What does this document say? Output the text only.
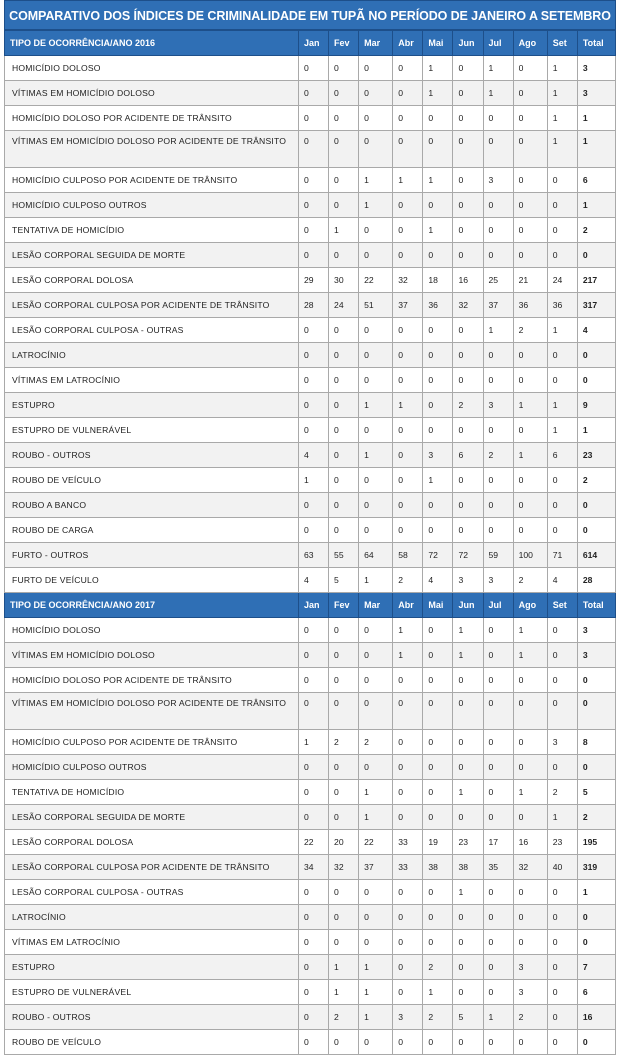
COMPARATIVO DOS ÍNDICES DE CRIMINALIDADE EM TUPÃ NO PERÍODO DE JANEIRO A SETEMBRO
TIPO DE OCORRÊNCIA/ANO 2016	Jan	Fev	Mar	Abr	Mai	Jun	Jul	Ago	Set	Total
HOMICÍDIO DOLOSO	0	0	0	0	1	0	1	0	1	3
VÍTIMAS EM HOMICÍDIO DOLOSO	0	0	0	0	1	0	1	0	1	3
HOMICÍDIO DOLOSO POR ACIDENTE DE TRÂNSITO	0	0	0	0	0	0	0	0	1	1
VÍTIMAS EM HOMICÍDIO DOLOSO POR ACIDENTE DE TRÂNSITO	0	0	0	0	0	0	0	0	1	1
HOMICÍDIO CULPOSO POR ACIDENTE DE TRÂNSITO	0	0	1	1	1	0	3	0	0	6
HOMICÍDIO CULPOSO OUTROS	0	0	1	0	0	0	0	0	0	1
TENTATIVA DE HOMICÍDIO	0	1	0	0	1	0	0	0	0	2
LESÃO CORPORAL SEGUIDA DE MORTE	0	0	0	0	0	0	0	0	0	0
LESÃO CORPORAL DOLOSA	29	30	22	32	18	16	25	21	24	217
LESÃO CORPORAL CULPOSA POR ACIDENTE DE TRÂNSITO	28	24	51	37	36	32	37	36	36	317
LESÃO CORPORAL CULPOSA - OUTRAS	0	0	0	0	0	0	1	2	1	4
LATROCÍNIO	0	0	0	0	0	0	0	0	0	0
VÍTIMAS EM LATROCÍNIO	0	0	0	0	0	0	0	0	0	0
ESTUPRO	0	0	1	1	0	2	3	1	1	9
ESTUPRO DE VULNERÁVEL	0	0	0	0	0	0	0	0	1	1
ROUBO - OUTROS	4	0	1	0	3	6	2	1	6	23
ROUBO DE VEÍCULO	1	0	0	0	1	0	0	0	0	2
ROUBO A BANCO	0	0	0	0	0	0	0	0	0	0
ROUBO DE CARGA	0	0	0	0	0	0	0	0	0	0
FURTO - OUTROS	63	55	64	58	72	72	59	100	71	614
FURTO DE VEÍCULO	4	5	1	2	4	3	3	2	4	28
TIPO DE OCORRÊNCIA/ANO 2017	Jan	Fev	Mar	Abr	Mai	Jun	Jul	Ago	Set	Total
HOMICÍDIO DOLOSO	0	0	0	1	0	1	0	1	0	3
VÍTIMAS EM HOMICÍDIO DOLOSO	0	0	0	1	0	1	0	1	0	3
HOMICÍDIO DOLOSO POR ACIDENTE DE TRÂNSITO	0	0	0	0	0	0	0	0	0	0
VÍTIMAS EM HOMICÍDIO DOLOSO POR ACIDENTE DE TRÂNSITO	0	0	0	0	0	0	0	0	0	0
HOMICÍDIO CULPOSO POR ACIDENTE DE TRÂNSITO	1	2	2	0	0	0	0	0	3	8
HOMICÍDIO CULPOSO OUTROS	0	0	0	0	0	0	0	0	0	0
TENTATIVA DE HOMICÍDIO	0	0	1	0	0	1	0	1	2	5
LESÃO CORPORAL SEGUIDA DE MORTE	0	0	1	0	0	0	0	0	1	2
LESÃO CORPORAL DOLOSA	22	20	22	33	19	23	17	16	23	195
LESÃO CORPORAL CULPOSA POR ACIDENTE DE TRÂNSITO	34	32	37	33	38	38	35	32	40	319
LESÃO CORPORAL CULPOSA - OUTRAS	0	0	0	0	0	1	0	0	0	1
LATROCÍNIO	0	0	0	0	0	0	0	0	0	0
VÍTIMAS EM LATROCÍNIO	0	0	0	0	0	0	0	0	0	0
ESTUPRO	0	1	1	0	2	0	0	3	0	7
ESTUPRO DE VULNERÁVEL	0	1	1	0	1	0	0	3	0	6
ROUBO - OUTROS	0	2	1	3	2	5	1	2	0	16
ROUBO DE VEÍCULO	0	0	0	0	0	0	0	0	0	0
